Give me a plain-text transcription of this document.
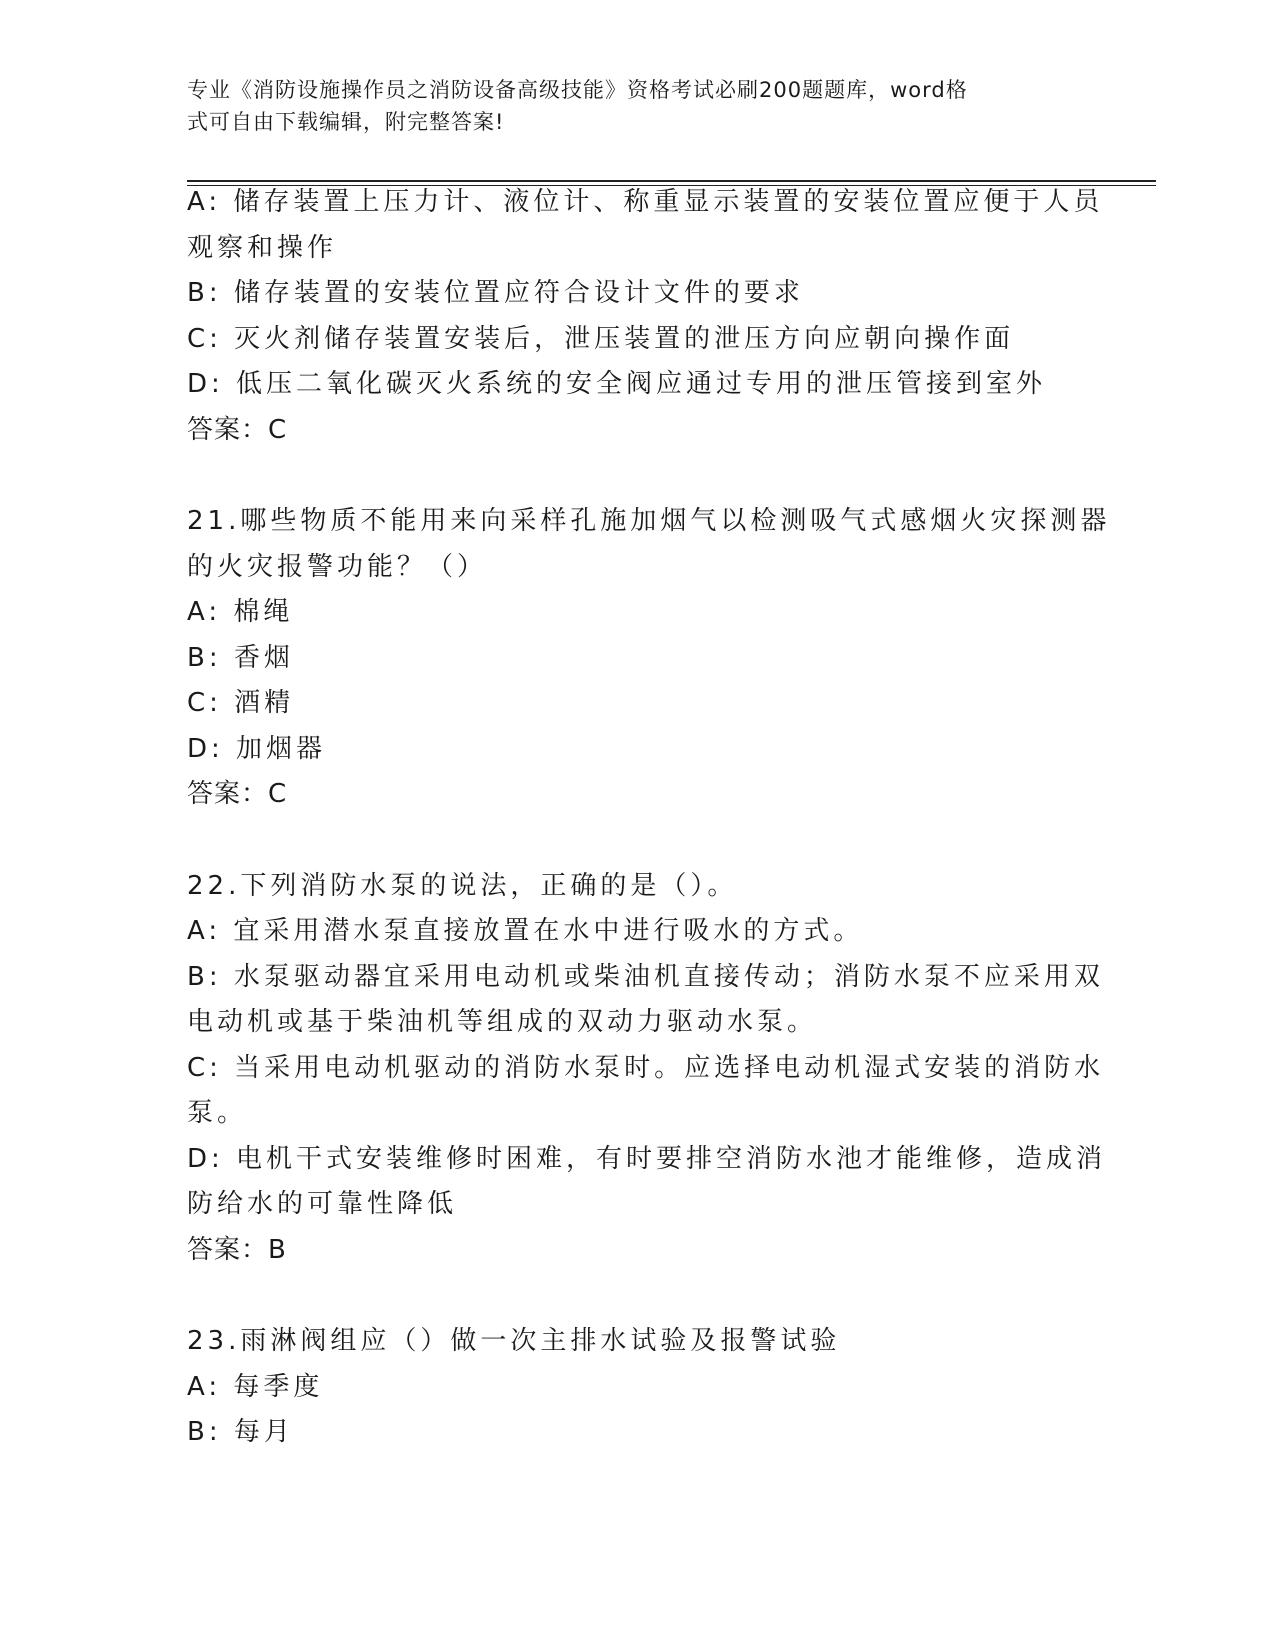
专业《消防设施操作员之消防设备高级技能》资格考试必刷200题题库，word格
式可自由下载编辑，附完整答案!
A: 储存装置上压力计、液位计、称重显示装置的安装位置应便于人员
观察和操作
B: 储存装置的安装位置应符合设计文件的要求
C: 灭火剂储存装置安装后，泄压装置的泄压方向应朝向操作面
D: 低压二氧化碳灭火系统的安全阀应通过专用的泄压管接到室外
答案：C
21.哪些物质不能用来向采样孔施加烟气以检测吸气式感烟火灾探测器
的火灾报警功能？（）
A: 棉绳
B: 香烟
C: 酒精
D: 加烟器
答案：C
22.下列消防水泵的说法，正确的是（）。
A: 宜采用潜水泵直接放置在水中进行吸水的方式。
B: 水泵驱动器宜采用电动机或柴油机直接传动；消防水泵不应采用双
电动机或基于柴油机等组成的双动力驱动水泵。
C: 当采用电动机驱动的消防水泵时。应选择电动机湿式安装的消防水
泵。
D: 电机干式安装维修时困难，有时要排空消防水池才能维修，造成消
防给水的可靠性降低
答案：B
23.雨淋阀组应（）做一次主排水试验及报警试验
A: 每季度
B: 每月
